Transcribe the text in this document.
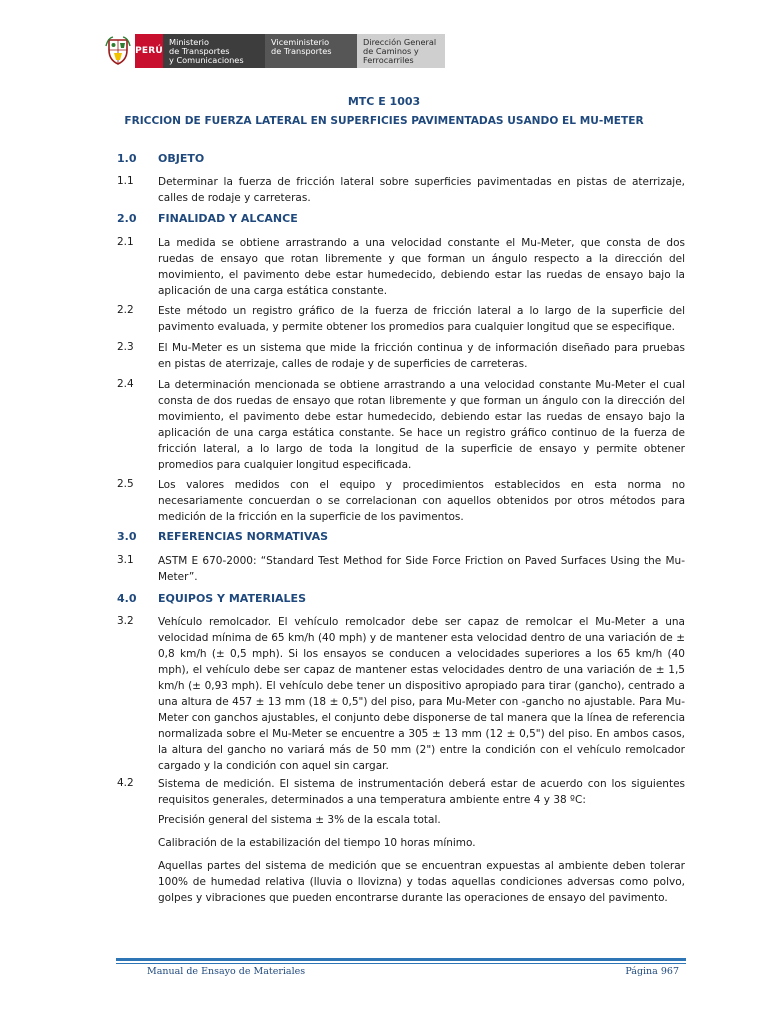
PERÚ
Ministerio
de Transportes
y Comunicaciones
Viceministerio
de Transportes
Dirección General
de Caminos y
Ferrocarriles
MTC E 1003
FRICCION DE FUERZA LATERAL EN SUPERFICIES PAVIMENTADAS USANDO EL MU-METER
1.0 OBJETO
1.1 Determinar la fuerza de fricción lateral sobre superficies pavimentadas en pistas de aterrizaje, calles de rodaje y carreteras.
2.0 FINALIDAD Y ALCANCE
2.1 La medida se obtiene arrastrando a una velocidad constante el Mu-Meter, que consta de dos ruedas de ensayo que rotan libremente y que forman un ángulo respecto a la dirección del movimiento, el pavimento debe estar humedecido, debiendo estar las ruedas de ensayo bajo la aplicación de una carga estática constante.
2.2 Este método un registro gráfico de la fuerza de fricción lateral a lo largo de la superficie del pavimento evaluada, y permite obtener los promedios para cualquier longitud que se especifique.
2.3 El Mu-Meter es un sistema que mide la fricción continua y de información diseñado para pruebas en pistas de aterrizaje, calles de rodaje y de superficies de carreteras.
2.4 La determinación mencionada se obtiene arrastrando a una velocidad constante Mu-Meter el cual consta de dos ruedas de ensayo que rotan libremente y que forman un ángulo con la dirección del movimiento, el pavimento debe estar humedecido, debiendo estar las ruedas de ensayo bajo la aplicación de una carga estática constante. Se hace un registro gráfico continuo de la fuerza de fricción lateral, a lo largo de toda la longitud de la superficie de ensayo y permite obtener promedios para cualquier longitud especificada.
2.5 Los valores medidos con el equipo y procedimientos establecidos en esta norma no necesariamente concuerdan o se correlacionan con aquellos obtenidos por otros métodos para medición de la fricción en la superficie de los pavimentos.
3.0 REFERENCIAS NORMATIVAS
3.1 ASTM E 670-2000: “Standard Test Method for Side Force Friction on Paved Surfaces Using the Mu-Meter”.
4.0 EQUIPOS Y MATERIALES
3.2 Vehículo remolcador. El vehículo remolcador debe ser capaz de remolcar el Mu-Meter a una velocidad mínima de 65 km/h (40 mph) y de mantener esta velocidad dentro de una variación de ± 0,8 km/h (± 0,5 mph). Si los ensayos se conducen a velocidades superiores a los 65 km/h (40 mph), el vehículo debe ser capaz de mantener estas velocidades dentro de una variación de ± 1,5 km/h (± 0,93 mph). El vehículo debe tener un dispositivo apropiado para tirar (gancho), centrado a una altura de 457 ± 13 mm (18 ± 0,5") del piso, para Mu-Meter con -gancho no ajustable. Para Mu-Meter con ganchos ajustables, el conjunto debe disponerse de tal manera que la línea de referencia normalizada sobre el Mu-Meter se encuentre a 305 ± 13 mm (12 ± 0,5") del piso. En ambos casos, la altura del gancho no variará más de 50 mm (2") entre la condición con el vehículo remolcador cargado y la condición con aquel sin cargar.
4.2 Sistema de medición. El sistema de instrumentación deberá estar de acuerdo con los siguientes requisitos generales, determinados a una temperatura ambiente entre 4 y 38 ºC:
Precisión general del sistema ± 3% de la escala total.
Calibración de la estabilización del tiempo 10 horas mínimo.
Aquellas partes del sistema de medición que se encuentran expuestas al ambiente deben tolerar 100% de humedad relativa (lluvia o llovizna) y todas aquellas condiciones adversas como polvo, golpes y vibraciones que pueden encontrarse durante las operaciones de ensayo del pavimento.
Manual de Ensayo de Materiales	Página 967
